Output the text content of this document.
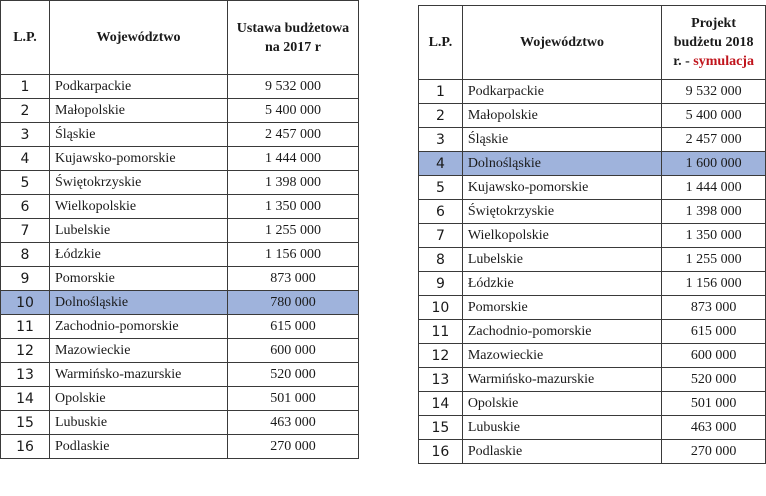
L.P.	Województwo	Ustawa budżetowa na 2017 r
1	Podkarpackie	9 532 000
2	Małopolskie	5 400 000
3	Śląskie	2 457 000
4	Kujawsko-pomorskie	1 444 000
5	Świętokrzyskie	1 398 000
6	Wielkopolskie	1 350 000
7	Lubelskie	1 255 000
8	Łódzkie	1 156 000
9	Pomorskie	873 000
10	Dolnośląskie	780 000
11	Zachodnio-pomorskie	615 000
12	Mazowieckie	600 000
13	Warmińsko-mazurskie	520 000
14	Opolskie	501 000
15	Lubuskie	463 000
16	Podlaskie	270 000
L.P.	Województwo	Projekt
budżetu 2018
r. - symulacja

1	Podkarpackie	9 532 000
2	Małopolskie	5 400 000
3	Śląskie	2 457 000
4	Dolnośląskie	1 600 000
5	Kujawsko-pomorskie	1 444 000
6	Świętokrzyskie	1 398 000
7	Wielkopolskie	1 350 000
8	Lubelskie	1 255 000
9	Łódzkie	1 156 000
10	Pomorskie	873 000
11	Zachodnio-pomorskie	615 000
12	Mazowieckie	600 000
13	Warmińsko-mazurskie	520 000
14	Opolskie	501 000
15	Lubuskie	463 000
16	Podlaskie	270 000
